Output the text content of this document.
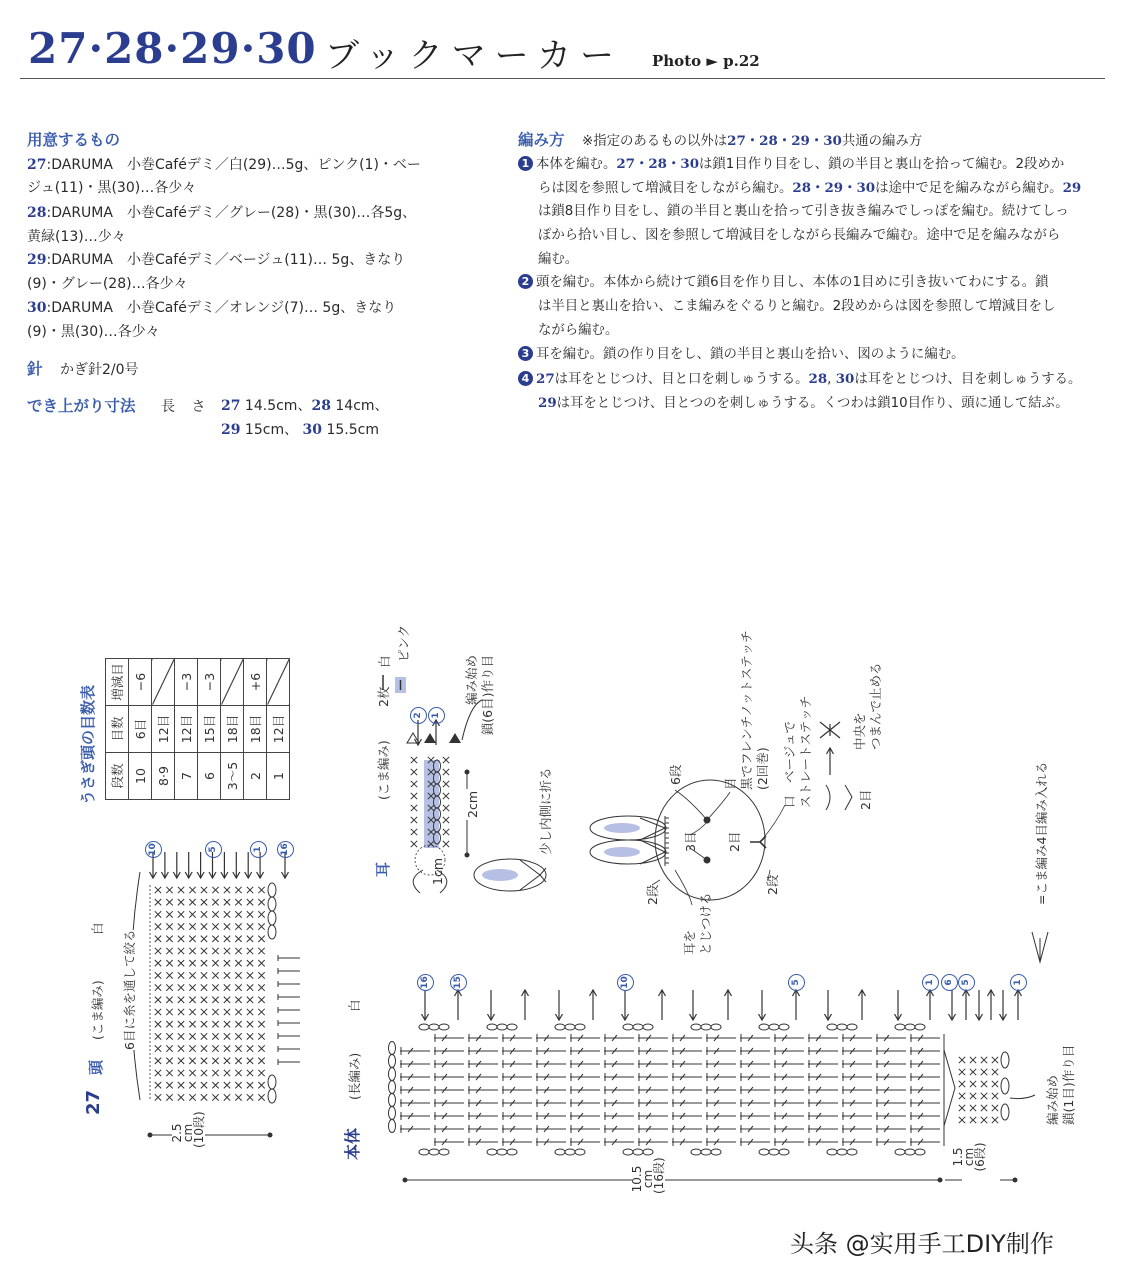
27·28·29·30 ブックマーカー Photo ► p.22
用意するもの
27:DARUMA　小巻Caféデミ／白(29)…5g、ピンク(1)・ベー
ジュ(11)・黒(30)…各少々
28:DARUMA　小巻Caféデミ／グレー(28)・黒(30)…各5g、
黄緑(13)…少々
29:DARUMA　小巻Caféデミ／ベージュ(11)… 5g、きなり
(9)・グレー(28)…各少々
30:DARUMA　小巻Caféデミ／オレンジ(7)… 5g、きなり
(9)・黒(30)…各少々
針 かぎ針2/0号
でき上がり寸法 長 さ 27 14.5cm、28 14cm、
29 15cm、 30 15.5cm
編み方 ※指定のあるもの以外は27・28・29・30共通の編み方
1 本体を編む。27・28・30は鎖1目作り目をし、鎖の半目と裏山を拾って編む。2段めか
らは図を参照して増減目をしながら編む。28・29・30は途中で足を編みながら編む。29
は鎖8目作り目をし、鎖の半目と裏山を拾って引き抜き編みでしっぽを編む。続けてしっ
ぽから拾い目し、図を参照して増減目をしながら長編みで編む。途中で足を編みながら
編む。
2 頭を編む。本体から続けて鎖6目を作り目し、本体の1目めに引き抜いてわにする。鎖
は半目と裏山を拾い、こま編みをぐるりと編む。2段めからは図を参照して増減目をし
ながら編む。
3 耳を編む。鎖の作り目をし、鎖の半目と裏山を拾い、図のように編む。
4 27は耳をとじつけ、目と口を刺しゅうする。28, 30は耳をとじつけ、目を刺しゅうする。
29は耳をとじつけ、目とつのを刺しゅうする。くつわは鎖10目作り、頭に通して結ぶ。
うさぎ頭の目数表 段数	目数	増減目
10	6目	−6
8·9	12目	
7	12目	−3
6	15目	−3
3〜5	18目	
2	18目	+6
1	12目	
10	5	1	16
27
頭
(こま編み)
白
6目に糸を通して絞る
2.5
cm
(10段)
耳
(こま編み)
2枚
白 ピンク
2 1
編み始め 鎖(6目)作り目
2cm
1cm
少し内側に折る	6段	目 黒でフレンチノットステッチ (2回巻)
3目 2目
口　ベージュで ストレートステッチ
2段	2段
耳を とじつける
2目
中央を つまんで止める
=こま編み4目編み入れる
本体
(長編み)
白
16	15	10	5	1	6 5	1
編み始め 鎖(1目)作り目
10.5
cm
(16段)
1.5
cm
(6段)
头条 @实用手工DIY制作
